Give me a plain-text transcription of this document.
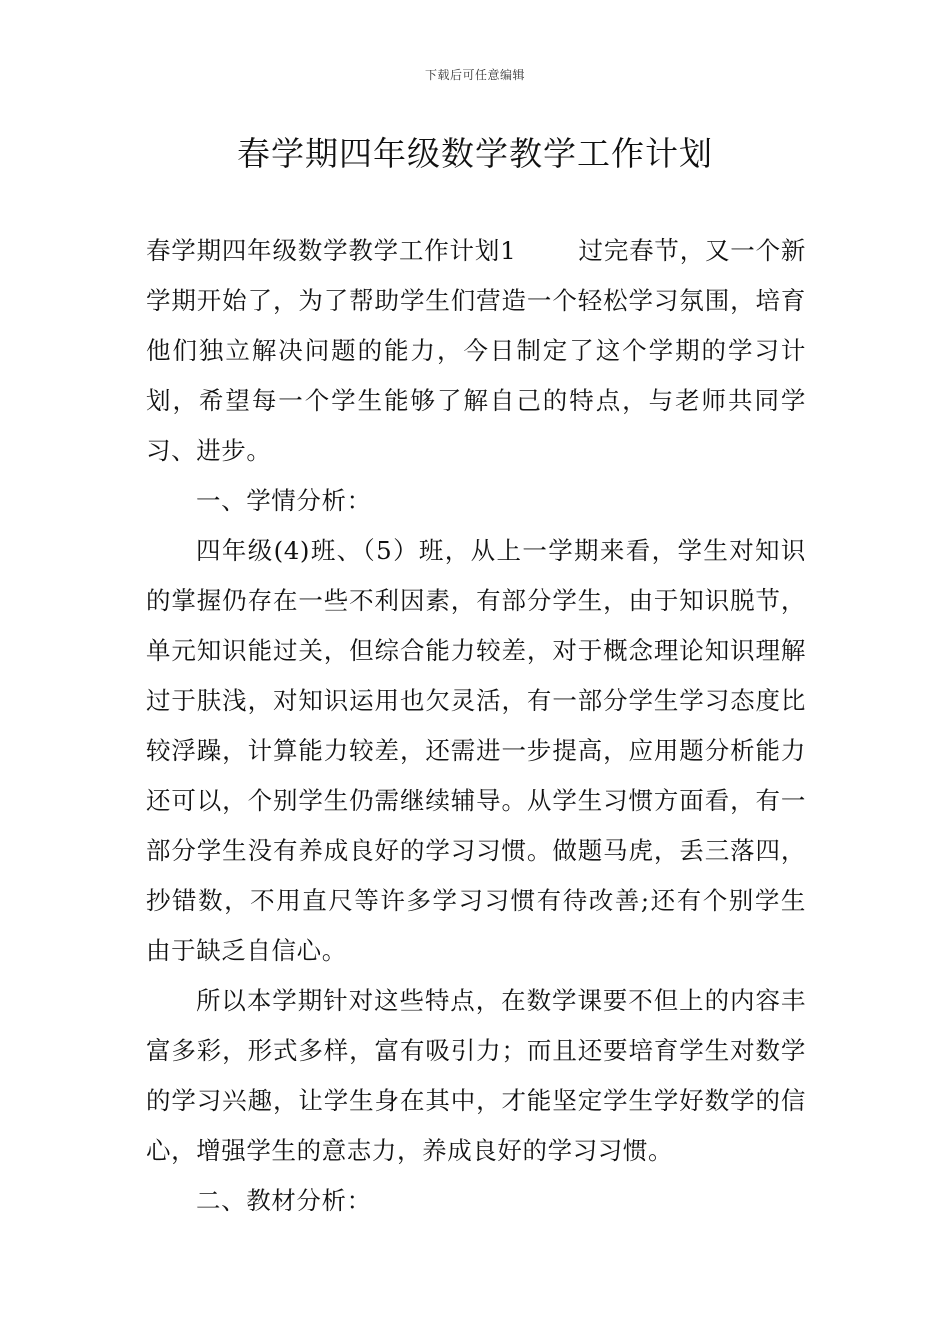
下载后可任意编辑
春学期四年级数学教学工作计划

春学期四年级数学教学工作计划1	过完春节，又一个新学期开始了，为了帮助学生们营造一个轻松学习氛围，培育他们独立解决问题的能力，今日制定了这个学期的学习计划，希望每一个学生能够了解自己的特点，与老师共同学习、进步。

一、学情分析：

四年级(4)班、（5）班，从上一学期来看，学生对知识的掌握仍存在一些不利因素，有部分学生，由于知识脱节，单元知识能过关，但综合能力较差，对于概念理论知识理解过于肤浅，对知识运用也欠灵活，有一部分学生学习态度比较浮躁，计算能力较差，还需进一步提高，应用题分析能力还可以，个别学生仍需继续辅导。从学生习惯方面看，有一部分学生没有养成良好的学习习惯。做题马虎，丢三落四，抄错数，不用直尺等许多学习习惯有待改善;还有个别学生由于缺乏自信心。

所以本学期针对这些特点，在数学课要不但上的内容丰富多彩，形式多样，富有吸引力；而且还要培育学生对数学的学习兴趣，让学生身在其中，才能坚定学生学好数学的信心，增强学生的意志力，养成良好的学习习惯。

二、教材分析：
